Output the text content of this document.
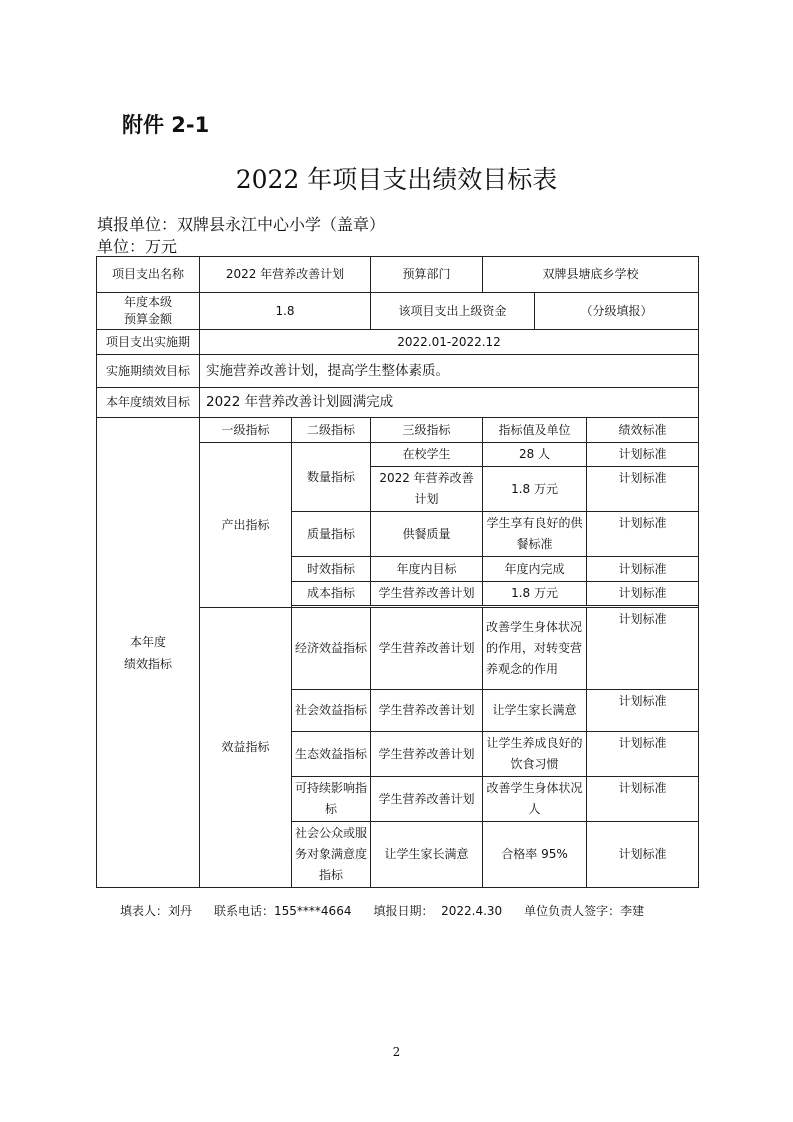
附件 2-1
2022 年项目支出绩效目标表
填报单位：双牌县永江中心小学（盖章）
单位：万元
项目支出名称	2022 年营养改善计划		预算部门	双牌县塘底乡学校		
年度本级
预算金额	1.8		该项目支出上级资金		（分级填报）	
项目支出实施期	2022.01-2022.12					
实施期绩效目标	实施营养改善计划，提高学生整体素质。					
本年度绩效目标	2022 年营养改善计划圆满完成					
本年度
绩效指标	一级指标	二级指标	三级指标	指标值及单位		绩效标准
	产出指标	数量指标	在校学生	28 人		计划标准
			2022 年营养改善计划	1.8 万元		计划标准
		质量指标	供餐质量	学生享有良好的供餐标准		计划标准
		时效指标	年度内目标	年度内完成		计划标准
		成本指标	学生营养改善计划	1.8 万元		计划标准

	效益指标	经济效益指标	学生营养改善计划	改善学生身体状况的作用，对转变营养观念的作用		计划标准
		社会效益指标	学生营养改善计划	让学生家长满意		计划标准
		生态效益指标	学生营养改善计划	让学生养成良好的饮食习惯		计划标准
		可持续影响指标	学生营养改善计划	改善学生身体状况人		计划标准
		社会公众或服务对象满意度指标	让学生家长满意	合格率 95%		计划标准
填表人：刘丹 联系电话：155****4664 填报日期：  2022.4.30 单位负责人签字：李建
2
